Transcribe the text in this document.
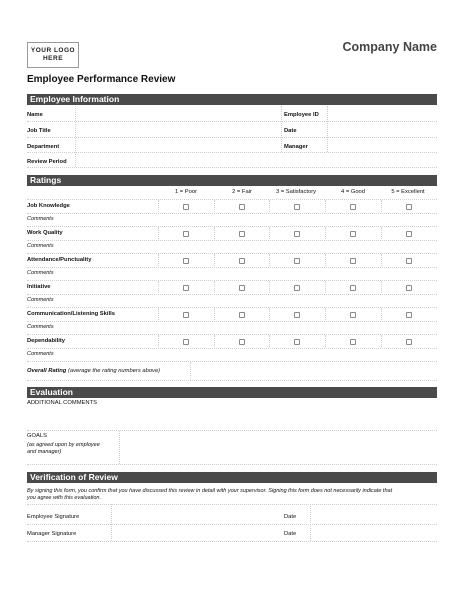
YOUR LOGO
HERE
Company Name
Employee Performance Review
Employee Information
Name	Employee ID
Job Title	Date
Department	Manager
Review Period
Ratings
1 = Poor	2 = Fair	3 = Satisfactory	4 = Good	5 = Excellent
Job Knowledge
Comments
Work Quality
Comments
Attendance/Punctuality
Comments
Initiative
Comments
Communication/Listening Skills
Comments
Dependability
Comments
Overall Rating (average the rating numbers above)
Evaluation
ADDITIONAL COMMENTS
GOALS
(as agreed upon by employee
and manager)
Verification of Review
By signing this form, you confirm that you have discussed this review in detail with your supervisor. Signing this form does not necessarily indicate that
you agree with this evaluation.
Employee Signature	Date
Manager Signature	Date
